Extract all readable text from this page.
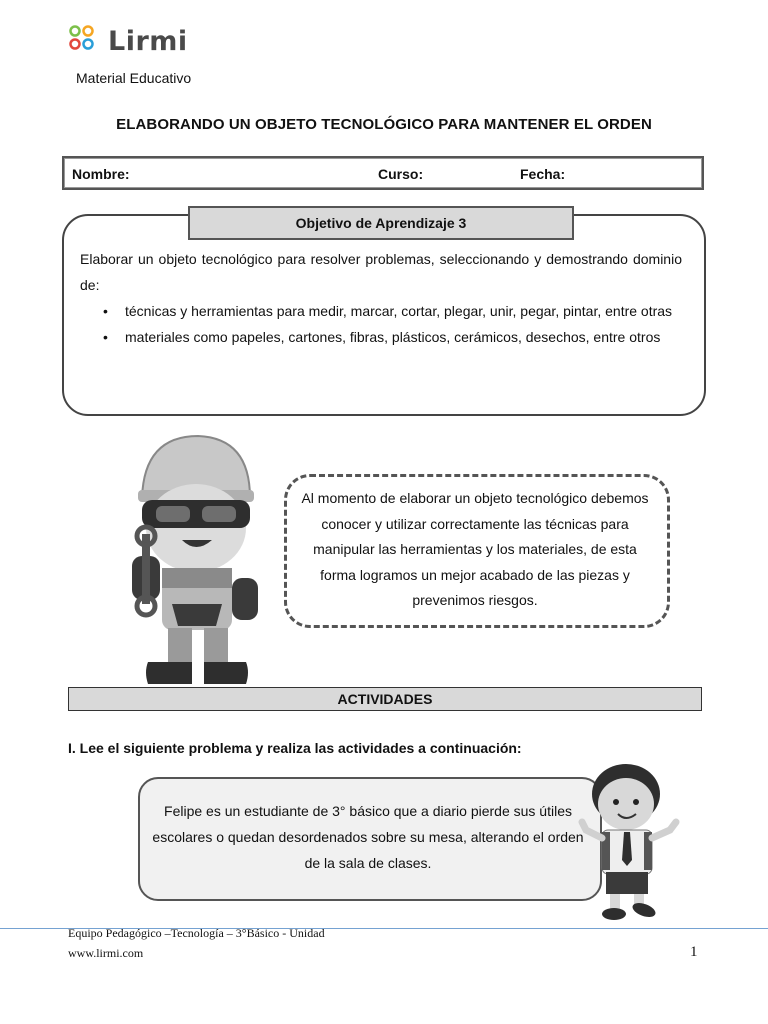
Lirmi
Material Educativo
ELABORANDO UN OBJETO TECNOLÓGICO PARA MANTENER EL ORDEN
Nombre:	Curso:	Fecha:
Objetivo de Aprendizaje 3
Elaborar un objeto tecnológico para resolver problemas, seleccionando y demostrando dominio de:
• técnicas y herramientas para medir, marcar, cortar, plegar, unir, pegar, pintar, entre otras
• materiales como papeles, cartones, fibras, plásticos, cerámicos, desechos, entre otros
Al momento de elaborar un objeto tecnológico debemos conocer y utilizar correctamente las técnicas para manipular las herramientas y los materiales, de esta forma logramos un mejor acabado de las piezas y prevenimos riesgos.
ACTIVIDADES
I. Lee el siguiente problema y realiza las actividades a continuación:
Felipe es un estudiante de 3° básico que a diario pierde sus útiles escolares o quedan desordenados sobre su mesa, alterando el orden de la sala de clases.
Equipo Pedagógico –Tecnología – 3°Básico - Unidad
www.lirmi.com	1
